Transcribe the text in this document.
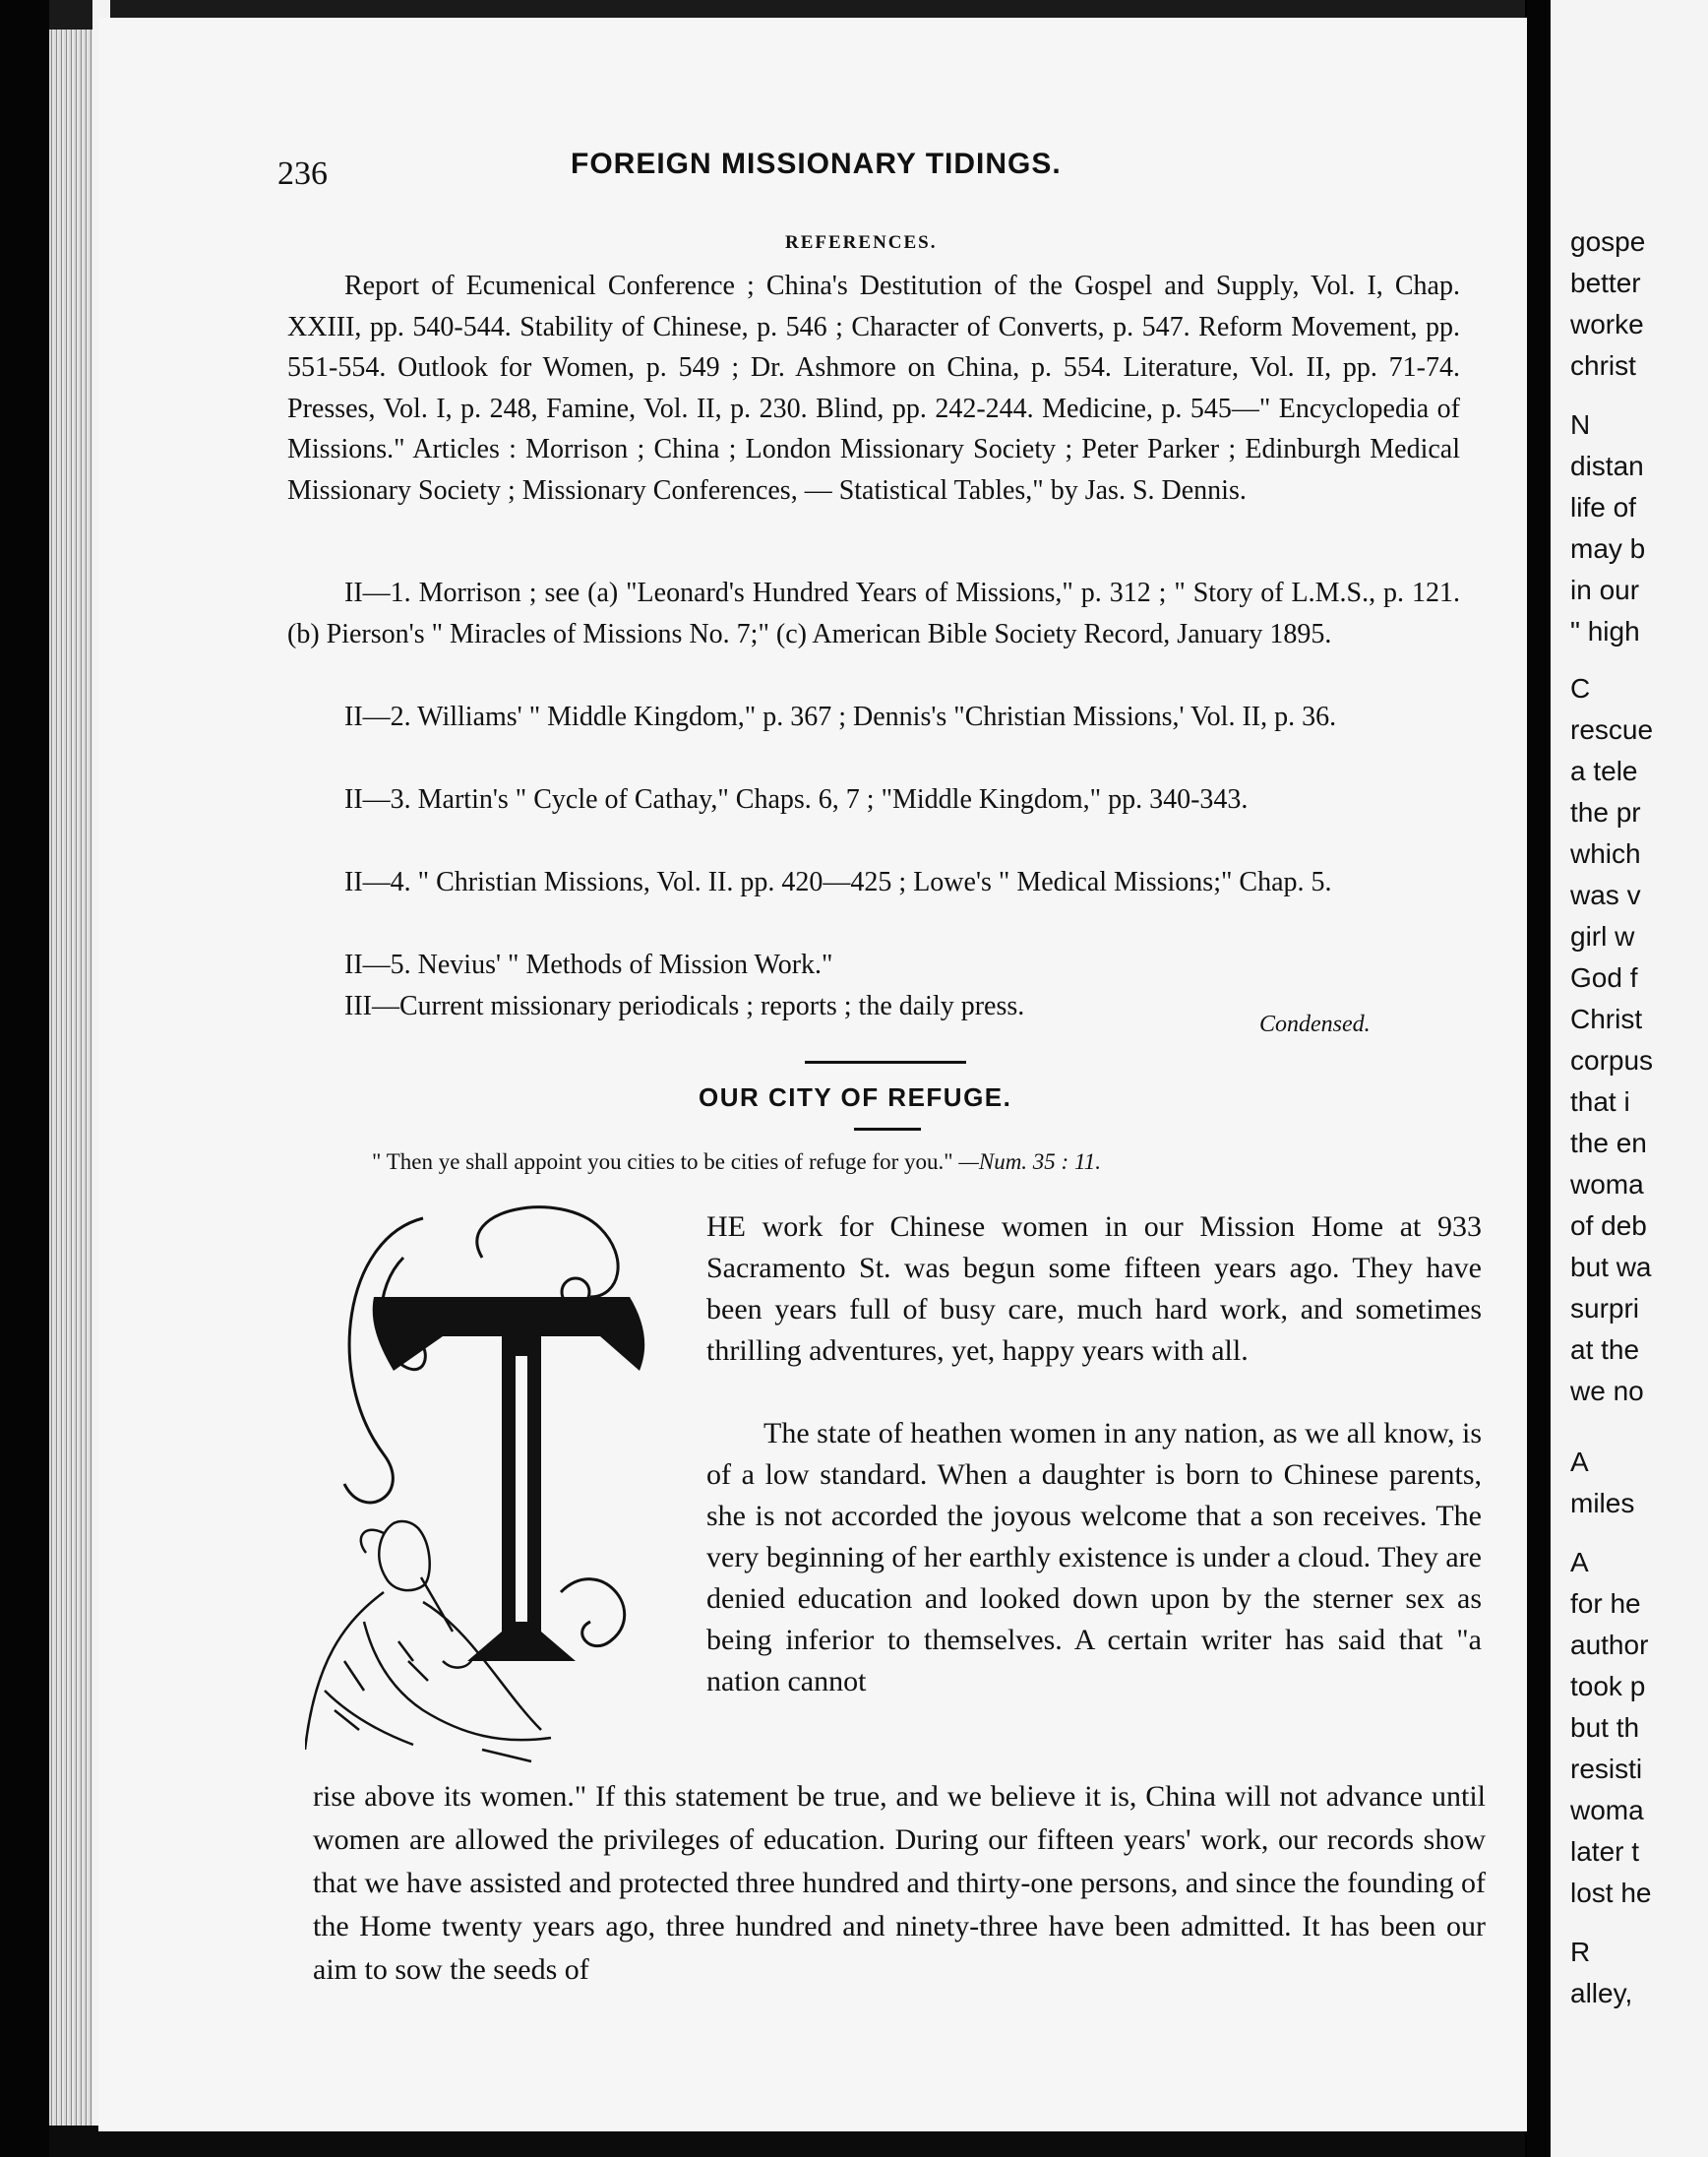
236	FOREIGN MISSIONARY TIDINGS.
REFERENCES.
Report of Ecumenical Conference ; China's Destitution of the Gospel and Supply, Vol. I, Chap. XXIII, pp. 540-544. Stability of Chinese, p. 546 ; Character of Converts, p. 547. Reform Movement, pp. 551-554. Outlook for Women, p. 549 ; Dr. Ashmore on China, p. 554. Literature, Vol. II, pp. 71-74. Presses, Vol. I, p. 248, Famine, Vol. II, p. 230. Blind, pp. 242-244. Medicine, p. 545—" Encyclopedia of Missions." Articles : Morrison ; China ; London Missionary Society ; Peter Parker ; Edinburgh Medical Missionary Society ; Missionary Conferences, — Statistical Tables," by Jas. S. Dennis.
II—1. Morrison ; see (a) "Leonard's Hundred Years of Missions," p. 312 ; " Story of L.M.S., p. 121. (b) Pierson's " Miracles of Missions No. 7;" (c) American Bible Society Record, January 1895.
II—2. Williams' " Middle Kingdom," p. 367 ; Dennis's "Christian Missions,' Vol. II, p. 36.
II—3. Martin's " Cycle of Cathay," Chaps. 6, 7 ; "Middle Kingdom," pp. 340-343.
II—4. " Christian Missions, Vol. II. pp. 420—425 ; Lowe's " Medical Missions;" Chap. 5.
II—5. Nevius' " Methods of Mission Work."
III—Current missionary periodicals ; reports ; the daily press.
Condensed.
OUR CITY OF REFUGE.
" Then ye shall appoint you cities to be cities of refuge for you." —Num. 35 : 11.
T
HE work for Chinese women in our Mission Home at 933 Sacramento St. was begun some fifteen years ago. They have been years full of busy care, much hard work, and sometimes thrilling adventures, yet, happy years with all.
The state of heathen women in any nation, as we all know, is of a low standard. When a daughter is born to Chinese parents, she is not accorded the joyous welcome that a son receives. The very beginning of her earthly existence is under a cloud. They are denied education and looked down upon by the sterner sex as being inferior to themselves. A certain writer has said that "a nation cannot
rise above its women." If this statement be true, and we believe it is, China will not advance until women are allowed the privileges of education. During our fifteen years' work, our records show that we have assisted and protected three hundred and thirty-one persons, and since the founding of the Home twenty years ago, three hundred and ninety-three have been admitted. It has been our aim to sow the seeds of
gospe
better
worke
christ
N
distan
life of
may b
in our
" high
C
rescue
a tele
the pr
which
was v
girl w
God f
Christ
corpus
that i
the en
woma
of deb
but wa
surpri
at the
we no
A
miles
A
for he
author
took p
but th
resisti
woma
later t
lost he
R
alley,
